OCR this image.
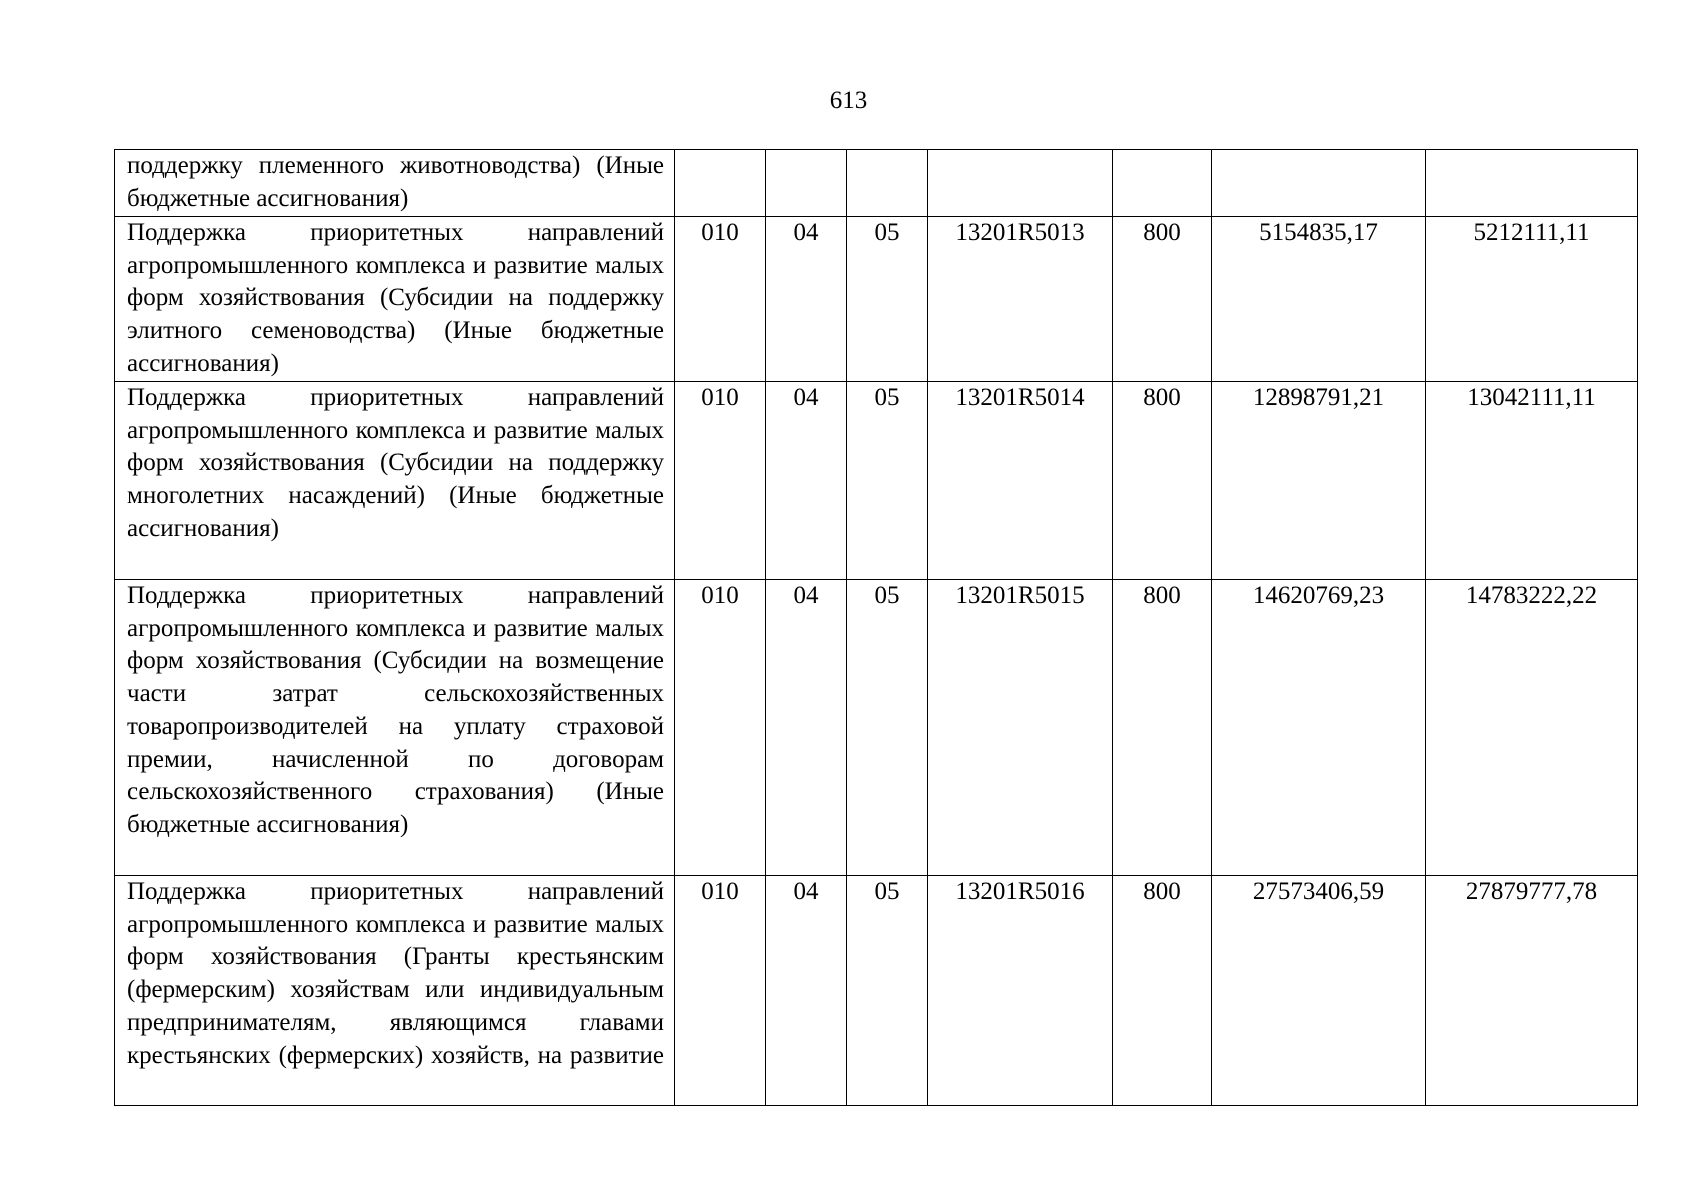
613
поддержку племенного животноводства) (Иные бюджетные ассигнования)							
Поддержка приоритетных направлений агропромышленного комплекса и развитие малых форм хозяйствования (Субсидии на поддержку элитного семеноводства) (Иные бюджетные ассигнования)	010	04	05	13201R5013	800	5154835,17	5212111,11
Поддержка приоритетных направлений агропромышленного комплекса и развитие малых форм хозяйствования (Субсидии на поддержку многолетних насаждений) (Иные бюджетные ассигнования)	010	04	05	13201R5014	800	12898791,21	13042111,11
Поддержка приоритетных направлений агропромышленного комплекса и развитие малых форм хозяйствования (Субсидии на возмещение части затрат сельскохозяйственных товаропроизводителей на уплату страховой премии, начисленной по договорам сельскохозяйственного страхования) (Иные бюджетные ассигнования)	010	04	05	13201R5015	800	14620769,23	14783222,22
Поддержка приоритетных направлений агропромышленного комплекса и развитие малых форм хозяйствования (Гранты крестьянским (фермерским) хозяйствам или индивидуальным предпринимателям, являющимся главами крестьянских (фермерских) хозяйств, на развитие	010	04	05	13201R5016	800	27573406,59	27879777,78
